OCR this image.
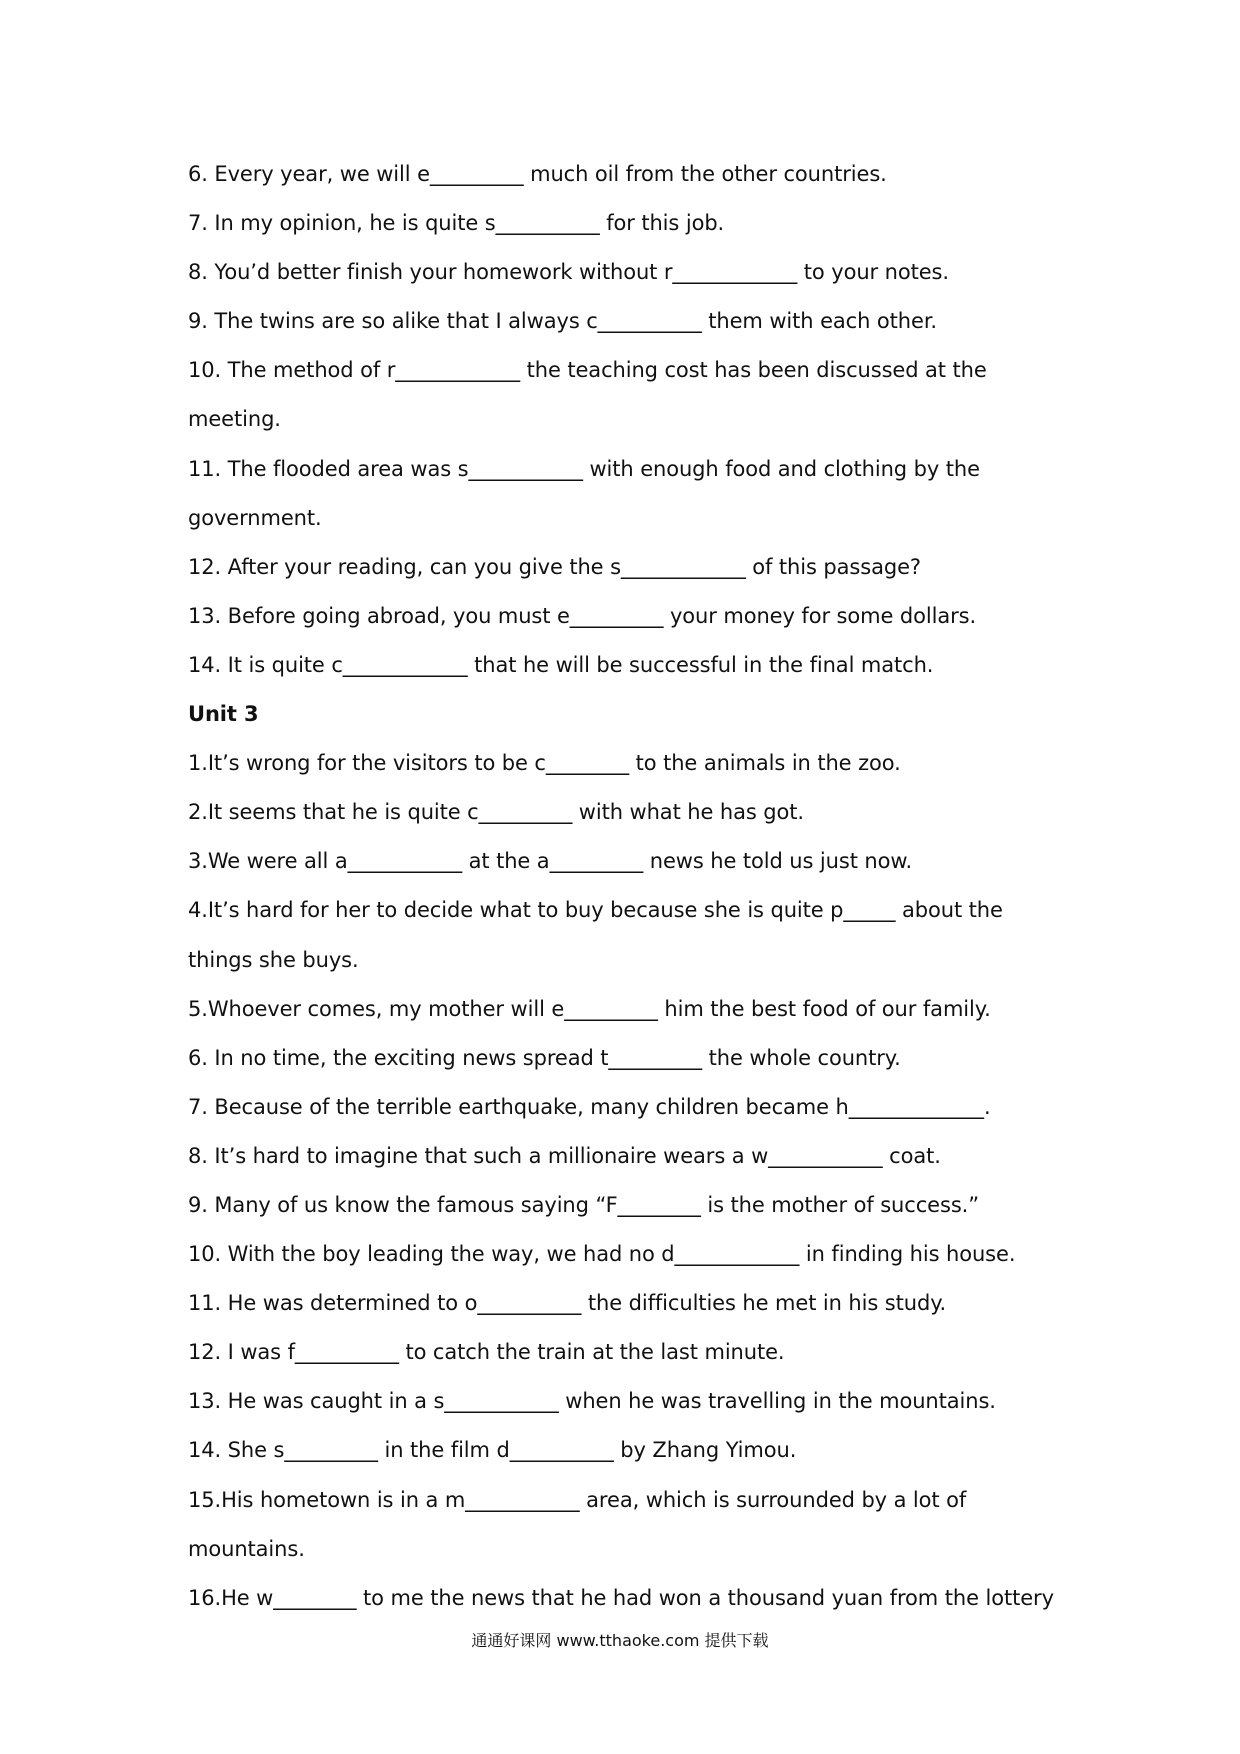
6. Every year, we will e_________ much oil from the other countries.
7. In my opinion, he is quite s__________ for this job.
8. You’d better finish your homework without r____________ to your notes.
9. The twins are so alike that I always c__________ them with each other.
10. The method of r____________ the teaching cost has been discussed at the
meeting.
11. The flooded area was s___________ with enough food and clothing by the
government.
12. After your reading, can you give the s____________ of this passage?
13. Before going abroad, you must e_________ your money for some dollars.
14. It is quite c____________ that he will be successful in the final match.
Unit 3
1.It’s wrong for the visitors to be c________ to the animals in the zoo.
2.It seems that he is quite c_________ with what he has got.
3.We were all a___________ at the a_________ news he told us just now.
4.It’s hard for her to decide what to buy because she is quite p_____ about the
things she buys.
5.Whoever comes, my mother will e_________ him the best food of our family.
6. In no time, the exciting news spread t_________ the whole country.
7. Because of the terrible earthquake, many children became h_____________.
8. It’s hard to imagine that such a millionaire wears a w___________ coat.
9. Many of us know the famous saying “F________ is the mother of success.”
10. With the boy leading the way, we had no d____________ in finding his house.
11. He was determined to o__________ the difficulties he met in his study.
12. I was f__________ to catch the train at the last minute.
13. He was caught in a s___________ when he was travelling in the mountains.
14. She s_________ in the film d__________ by Zhang Yimou.
15.His hometown is in a m___________ area, which is surrounded by a lot of
mountains.
16.He w________ to me the news that he had won a thousand yuan from the lottery
通通好课网 www.tthaoke.com 提供下载
